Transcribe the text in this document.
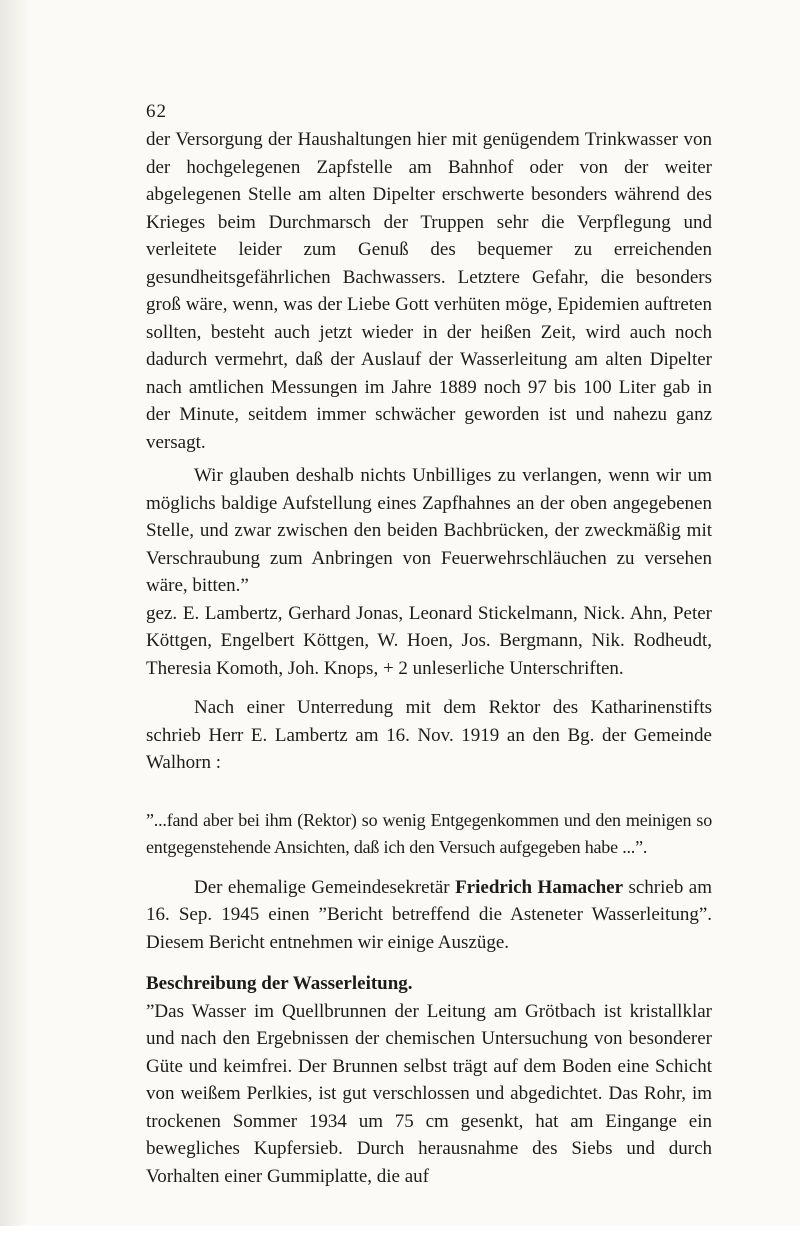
62

der Versorgung der Haushaltungen hier mit genügendem Trinkwasser von der hochgelegenen Zapfstelle am Bahnhof oder von der weiter abgelegenen Stelle am alten Dipelter erschwerte besonders während des Krieges beim Durchmarsch der Truppen sehr die Verpflegung und verleitete leider zum Genuß des bequemer zu erreichenden gesundheitsgefährlichen Bachwassers. Letztere Gefahr, die besonders groß wäre, wenn, was der Liebe Gott verhüten möge, Epidemien auftreten sollten, besteht auch jetzt wieder in der heißen Zeit, wird auch noch dadurch vermehrt, daß der Auslauf der Wasserleitung am alten Dipelter nach amtlichen Messungen im Jahre 1889 noch 97 bis 100 Liter gab in der Minute, seitdem immer schwächer geworden ist und nahezu ganz versagt.

Wir glauben deshalb nichts Unbilliges zu verlangen, wenn wir um möglichs baldige Aufstellung eines Zapfhahnes an der oben angegebenen Stelle, und zwar zwischen den beiden Bachbrücken, der zweckmäßig mit Verschraubung zum Anbringen von Feuerwehrschläuchen zu versehen wäre, bitten.”

gez. E. Lambertz, Gerhard Jonas, Leonard Stickelmann, Nick. Ahn, Peter Köttgen, Engelbert Köttgen, W. Hoen, Jos. Bergmann, Nik. Rodheudt, Theresia Komoth, Joh. Knops, + 2 unleserliche Unterschriften.

Nach einer Unterredung mit dem Rektor des Katharinenstifts schrieb Herr E. Lambertz am 16. Nov. 1919 an den Bg. der Gemeinde Walhorn :

”...fand aber bei ihm (Rektor) so wenig Entgegenkommen und den meinigen so entgegenstehende Ansichten, daß ich den Versuch aufgegeben habe ...”.

Der ehemalige Gemeindesekretär Friedrich Hamacher schrieb am 16. Sep. 1945 einen ”Bericht betreffend die Asteneter Wasserleitung”. Diesem Bericht entnehmen wir einige Auszüge.

Beschreibung der Wasserleitung.

”Das Wasser im Quellbrunnen der Leitung am Grötbach ist kristallklar und nach den Ergebnissen der chemischen Untersuchung von besonderer Güte und keimfrei. Der Brunnen selbst trägt auf dem Boden eine Schicht von weißem Perlkies, ist gut verschlossen und abgedichtet. Das Rohr, im trockenen Sommer 1934 um 75 cm gesenkt, hat am Eingange ein bewegliches Kupfersieb. Durch herausnahme des Siebs und durch Vorhalten einer Gummiplatte, die auf
